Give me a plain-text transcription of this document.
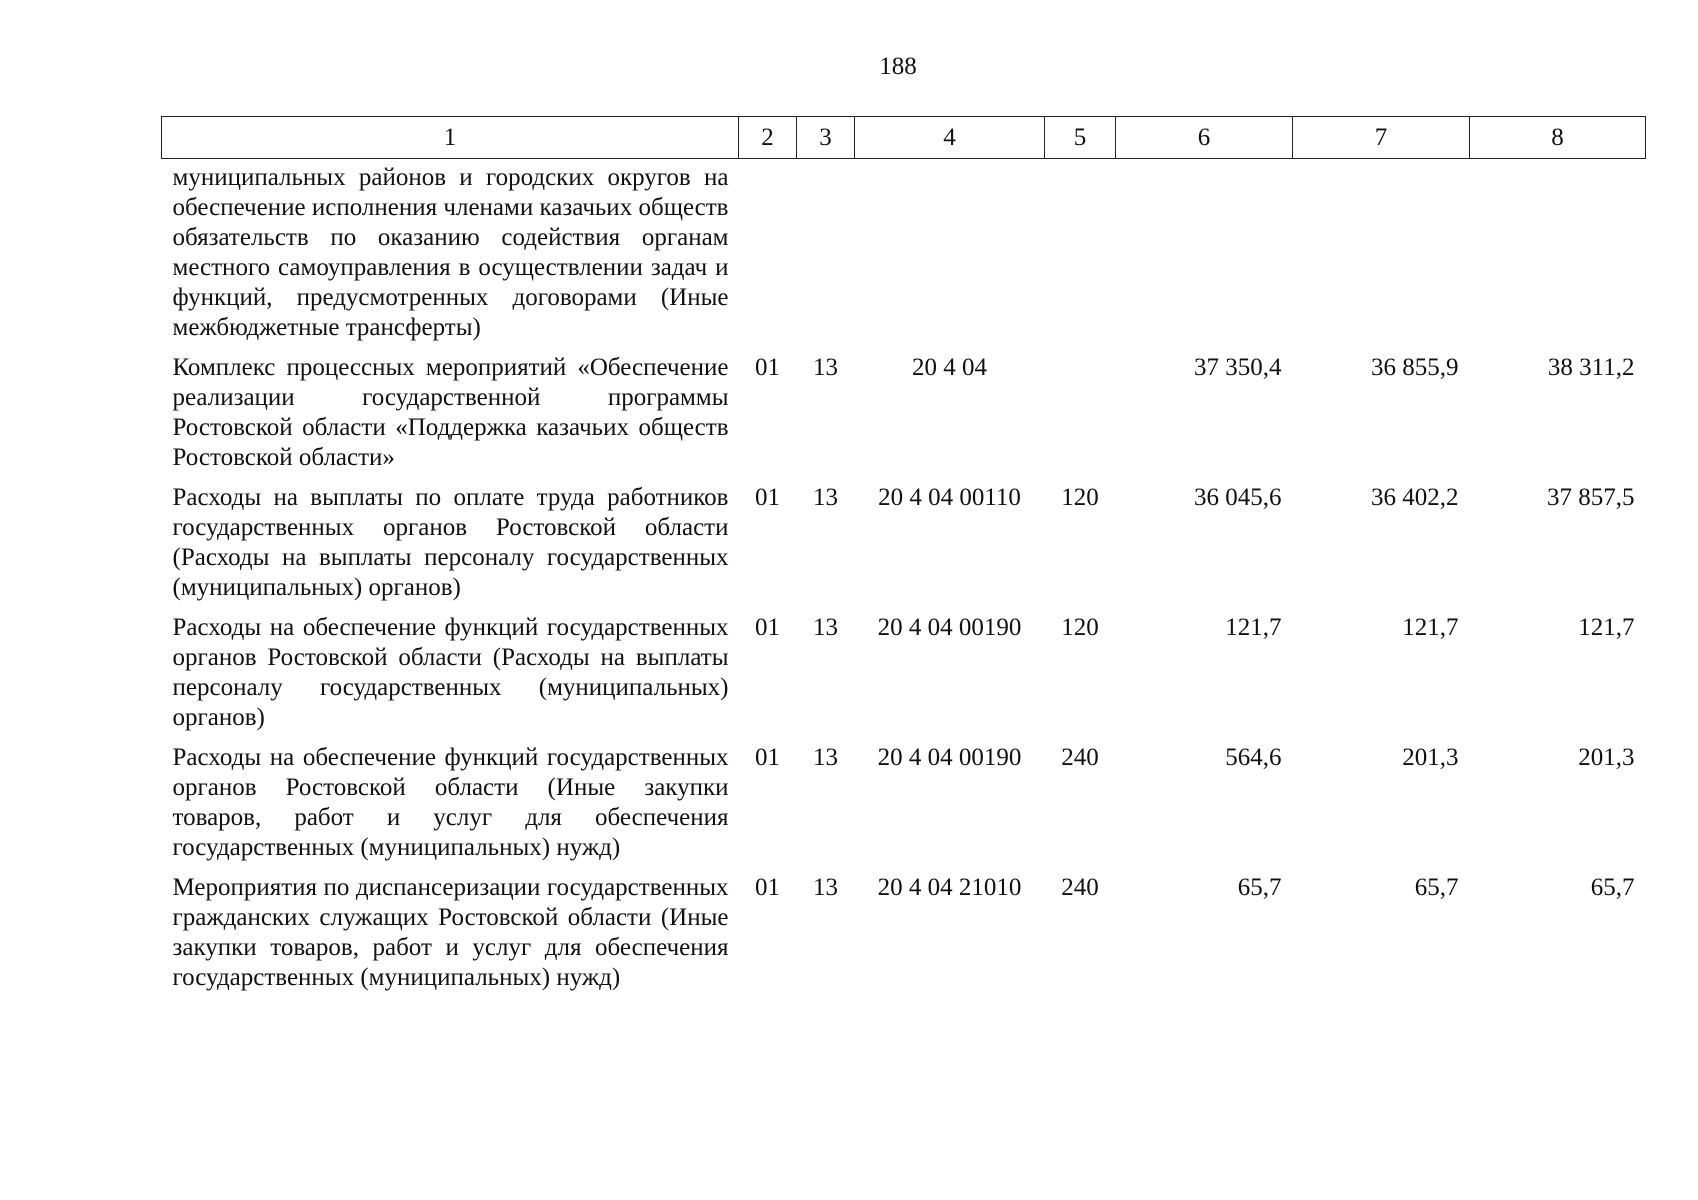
188
1	2	3	4	5	6	7	8
муниципальных районов и городских округов на обеспечение исполнения членами казачьих обществ обязательств по оказанию содействия органам местного самоуправления в осуществлении задач и функций, предусмотренных договорами (Иные межбюджетные трансферты)							
Комплекс процессных мероприятий «Обеспечение реализации государственной программы Ростовской области «Поддержка казачьих обществ Ростовской области»	01	13	20 4 04		37 350,4	36 855,9	38 311,2
Расходы на выплаты по оплате труда работников государственных органов Ростовской области (Расходы на выплаты персоналу государственных (муниципальных) органов)	01	13	20 4 04 00110	120	36 045,6	36 402,2	37 857,5
Расходы на обеспечение функций государственных органов Ростовской области (Расходы на выплаты персоналу государственных (муниципальных) органов)	01	13	20 4 04 00190	120	121,7	121,7	121,7
Расходы на обеспечение функций государственных органов Ростовской области (Иные закупки товаров, работ и услуг для обеспечения государственных (муниципальных) нужд)	01	13	20 4 04 00190	240	564,6	201,3	201,3
Мероприятия по диспансеризации государственных гражданских служащих Ростовской области (Иные закупки товаров, работ и услуг для обеспечения государственных (муниципальных) нужд)	01	13	20 4 04 21010	240	65,7	65,7	65,7
